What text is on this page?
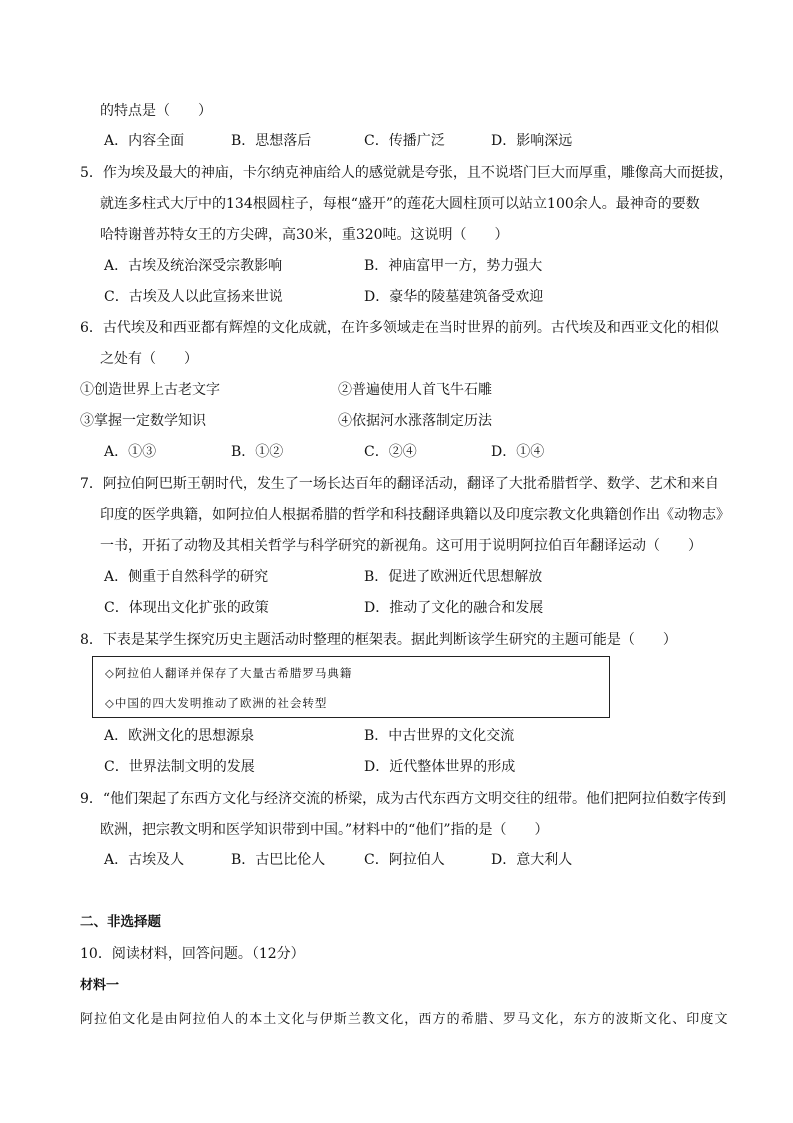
的特点是（　　）
A．内容全面	B．思想落后	C．传播广泛	D．影响深远
5．作为埃及最大的神庙，卡尔纳克神庙给人的感觉就是夸张，且不说塔门巨大而厚重，雕像高大而挺拔，
就连多柱式大厅中的134根圆柱子，每根“盛开”的莲花大圆柱顶可以站立100余人。最神奇的要数
哈特谢普苏特女王的方尖碑，高30米，重320吨。这说明（　　）
A．古埃及统治深受宗教影响	B．神庙富甲一方，势力强大
C．古埃及人以此宣扬来世说	D．豪华的陵墓建筑备受欢迎
6．古代埃及和西亚都有辉煌的文化成就，在许多领域走在当时世界的前列。古代埃及和西亚文化的相似
之处有（　　）
①创造世界上古老文字	②普遍使用人首飞牛石雕
③掌握一定数学知识	④依据河水涨落制定历法
A．①③	B．①②	C．②④	D．①④
7．阿拉伯阿巴斯王朝时代，发生了一场长达百年的翻译活动，翻译了大批希腊哲学、数学、艺术和来自
印度的医学典籍，如阿拉伯人根据希腊的哲学和科技翻译典籍以及印度宗教文化典籍创作出《动物志》
一书，开拓了动物及其相关哲学与科学研究的新视角。这可用于说明阿拉伯百年翻译运动（　　）
A．侧重于自然科学的研究	B．促进了欧洲近代思想解放
C．体现出文化扩张的政策	D．推动了文化的融合和发展
8．下表是某学生探究历史主题活动时整理的框架表。据此判断该学生研究的主题可能是（　　）
◇阿拉伯人翻译并保存了大量古希腊罗马典籍
◇中国的四大发明推动了欧洲的社会转型
A．欧洲文化的思想源泉	B．中古世界的文化交流
C．世界法制文明的发展	D．近代整体世界的形成
9．“他们架起了东西方文化与经济交流的桥梁，成为古代东西方文明交往的纽带。他们把阿拉伯数字传到
欧洲，把宗教文明和医学知识带到中国。”材料中的“他们”指的是（　　）
A．古埃及人	B．古巴比伦人	C．阿拉伯人	D．意大利人
二、非选择题
10．阅读材料，回答问题。（12分）
材料一
阿拉伯文化是由阿拉伯人的本土文化与伊斯兰教文化，西方的希腊、罗马文化，东方的波斯文化、印度文
